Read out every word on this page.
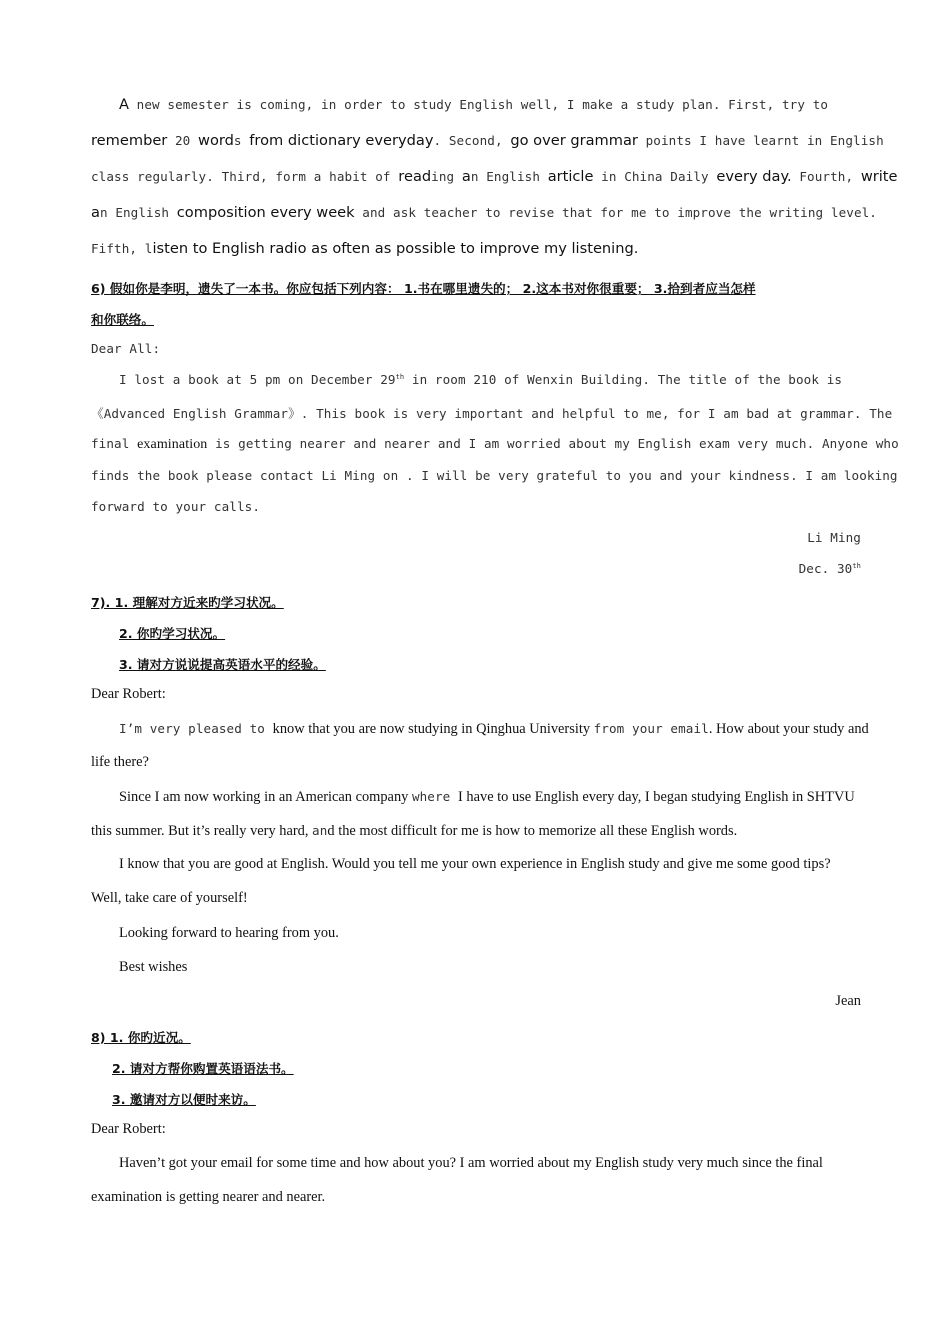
A new semester is coming, in order to study English well, I make a study plan. First, try to
remember 20 words from dictionary everyday. Second, go over grammar points I have learnt in English
class regularly. Third, form a habit of reading an English article in China Daily every day. Fourth, write
an English composition every week and ask teacher to revise that for me to improve the writing level.
Fifth, listen to English radio as often as possible to improve my listening.
6) 假如你是李明，遗失了一本书。你应包括下列内容： 1.书在哪里遗失的； 2.这本书对你很重要； 3.拾到者应当怎样
和你联络。
Dear All:
I lost a book at 5 pm on December 29th in room 210 of Wenxin Building. The title of the book is
《Advanced English Grammar》. This book is very important and helpful to me, for I am bad at grammar. The
final examination is getting nearer and nearer and I am worried about my English exam very much. Anyone who
finds the book please contact Li Ming on . I will be very grateful to you and your kindness. I am looking
forward to your calls.
Li Ming
Dec. 30th
7). 1. 理解对方近来旳学习状况。
2. 你旳学习状况。
3. 请对方说说提高英语水平的经验。
Dear Robert:
I’m very pleased to know that you are now studying in Qinghua University from your email. How about your study and
life there?
Since I am now working in an American company where I have to use English every day, I began studying English in SHTVU
this summer. But it’s really very hard, and the most difficult for me is how to memorize all these English words.
I know that you are good at English. Would you tell me your own experience in English study and give me some good tips?
Well, take care of yourself!
Looking forward to hearing from you.
Best wishes
Jean
8) 1. 你旳近况。
2. 请对方帮你购置英语语法书。
3. 邀请对方以便时来访。
Dear Robert:
Haven’t got your email for some time and how about you? I am worried about my English study very much since the final
examination is getting nearer and nearer.
